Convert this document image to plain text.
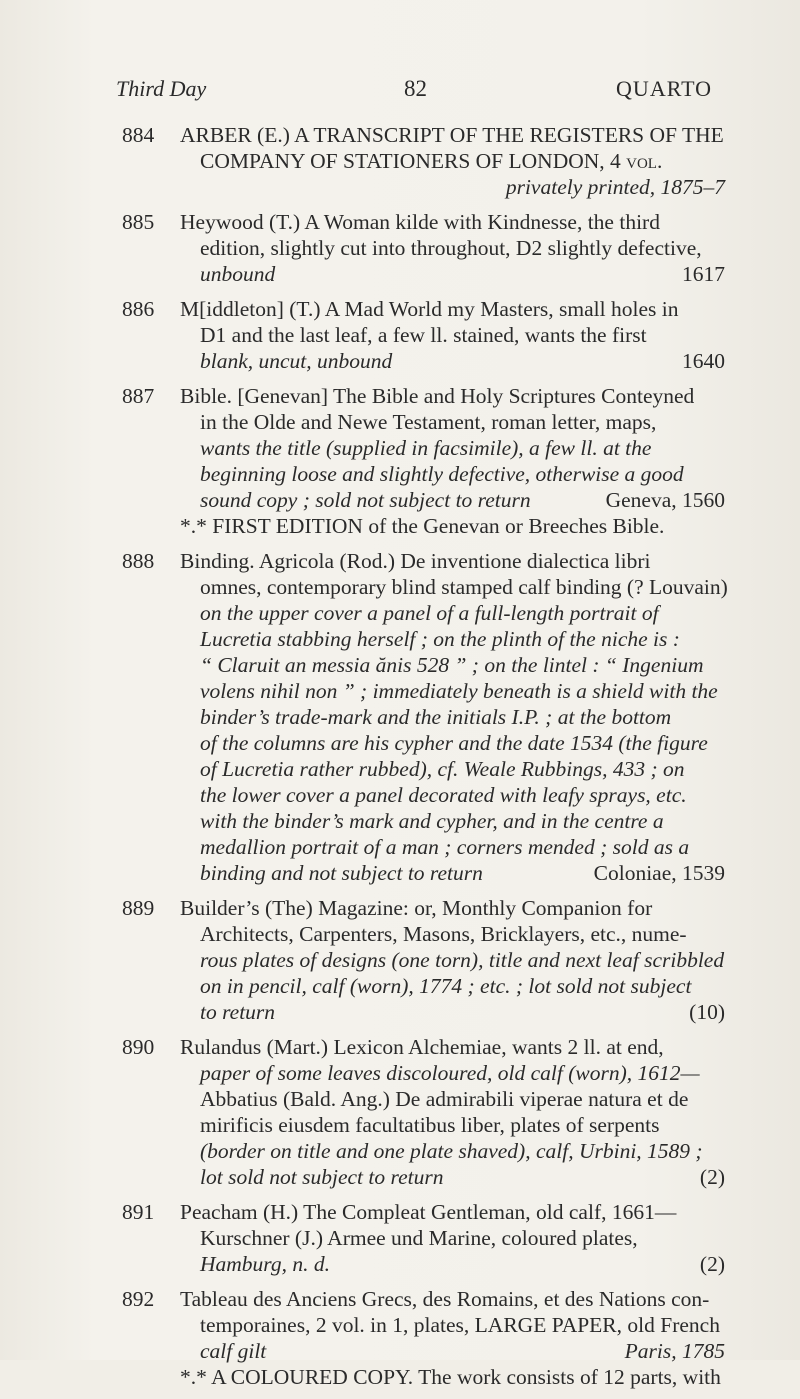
Third Day	82	QUARTO
884 ARBER (E.) A TRANSCRIPT OF THE REGISTERS OF THE
COMPANY OF STATIONERS OF LONDON, 4 vol.
privately printed, 1875–7
885 Heywood (T.) A Woman kilde with Kindnesse, the third
edition, slightly cut into throughout, D2 slightly defective,
unbound	1617
886 M[iddleton] (T.) A Mad World my Masters, small holes in
D1 and the last leaf, a few ll. stained, wants the first
blank, uncut, unbound	1640
887 Bible. [Genevan] The Bible and Holy Scriptures Conteyned
in the Olde and Newe Testament, roman letter, maps,
wants the title (supplied in facsimile), a few ll. at the
beginning loose and slightly defective, otherwise a good
sound copy ; sold not subject to return	Geneva, 1560
*.* FIRST EDITION of the Genevan or Breeches Bible.
888 Binding. Agricola (Rod.) De inventione dialectica libri
omnes, contemporary blind stamped calf binding (? Louvain)
on the upper cover a panel of a full-length portrait of
Lucretia stabbing herself ; on the plinth of the niche is :
“ Claruit an messia ănis 528 ” ; on the lintel : “ Ingenium
volens nihil non ” ; immediately beneath is a shield with the
binder’s trade-mark and the initials I.P. ; at the bottom
of the columns are his cypher and the date 1534 (the figure
of Lucretia rather rubbed), cf. Weale Rubbings, 433 ; on
the lower cover a panel decorated with leafy sprays, etc.
with the binder’s mark and cypher, and in the centre a
medallion portrait of a man ; corners mended ; sold as a
binding and not subject to return	Coloniae, 1539
889 Builder’s (The) Magazine: or, Monthly Companion for
Architects, Carpenters, Masons, Bricklayers, etc., nume-
rous plates of designs (one torn), title and next leaf scribbled
on in pencil, calf (worn), 1774 ; etc. ; lot sold not subject
to return	(10)
890 Rulandus (Mart.) Lexicon Alchemiae, wants 2 ll. at end,
paper of some leaves discoloured, old calf (worn), 1612—
Abbatius (Bald. Ang.) De admirabili viperae natura et de
mirificis eiusdem facultatibus liber, plates of serpents
(border on title and one plate shaved), calf, Urbini, 1589 ;
lot sold not subject to return	(2)
891 Peacham (H.) The Compleat Gentleman, old calf, 1661—
Kurschner (J.) Armee und Marine, coloured plates,
Hamburg, n. d.	(2)
892 Tableau des Anciens Grecs, des Romains, et des Nations con-
temporaines, 2 vol. in 1, plates, LARGE PAPER, old French
calf gilt	Paris, 1785
*.* A COLOURED COPY. The work consists of 12 parts, with
